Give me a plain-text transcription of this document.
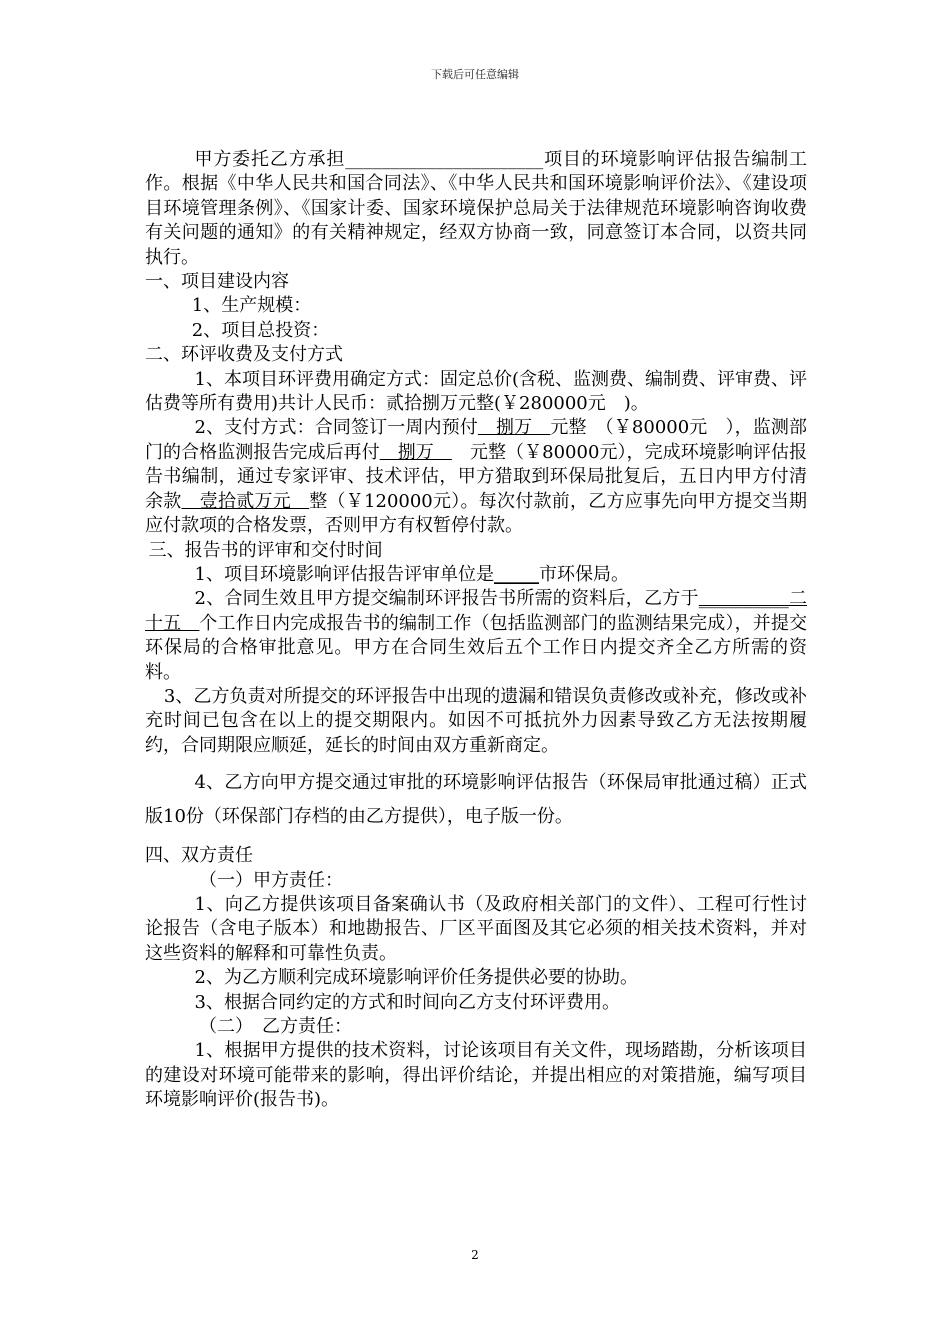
下载后可任意编辑

甲方委托乙方承担______________________项目的环境影响评估报告编制工作。根据《中华人民共和国合同法》、《中华人民共和国环境影响评价法》、《建设项目环境管理条例》、《国家计委、国家环境保护总局关于法律规范环境影响咨询收费有关问题的通知》的有关精神规定，经双方协商一致，同意签订本合同，以资共同执行。

一、项目建设内容

1、生产规模：

2、项目总投资：

二、环评收费及支付方式

1、本项目环评费用确定方式：固定总价(含税、监测费、编制费、评审费、评估费等所有费用)共计人民币：贰拾捌万元整(￥280000元　)。

2、支付方式：合同签订一周内预付　捌万　元整　（￥80000元　），监测部门的合格监测报告完成后再付　捌万　　元整（￥80000元），完成环境影响评估报告书编制，通过专家评审、技术评估，甲方猎取到环保局批复后，五日内甲方付清余款　壹拾贰万元　整（￥120000元）。每次付款前，乙方应事先向甲方提交当期应付款项的合格发票，否则甲方有权暂停付款。

三、报告书的评审和交付时间

1、项目环境影响评估报告评审单位是_____市环保局。

2、合同生效且甲方提交编制环评报告书所需的资料后，乙方于__________二十五　个工作日内完成报告书的编制工作（包括监测部门的监测结果完成），并提交环保局的合格审批意见。甲方在合同生效后五个工作日内提交齐全乙方所需的资料。

3、乙方负责对所提交的环评报告中出现的遗漏和错误负责修改或补充，修改或补充时间已包含在以上的提交期限内。如因不可抵抗外力因素导致乙方无法按期履约，合同期限应顺延，延长的时间由双方重新商定。

4、乙方向甲方提交通过审批的环境影响评估报告（环保局审批通过稿）正式版10份（环保部门存档的由乙方提供），电子版一份。

四、双方责任

（一）甲方责任：

1、向乙方提供该项目备案确认书（及政府相关部门的文件）、工程可行性讨论报告（含电子版本）和地勘报告、厂区平面图及其它必须的相关技术资料，并对这些资料的解释和可靠性负责。

2、为乙方顺利完成环境影响评价任务提供必要的协助。

3、根据合同约定的方式和时间向乙方支付环评费用。

（二）　乙方责任：

1、根据甲方提供的技术资料，讨论该项目有关文件，现场踏勘，分析该项目的建设对环境可能带来的影响，得出评价结论，并提出相应的对策措施，编写项目环境影响评价(报告书)。

2
